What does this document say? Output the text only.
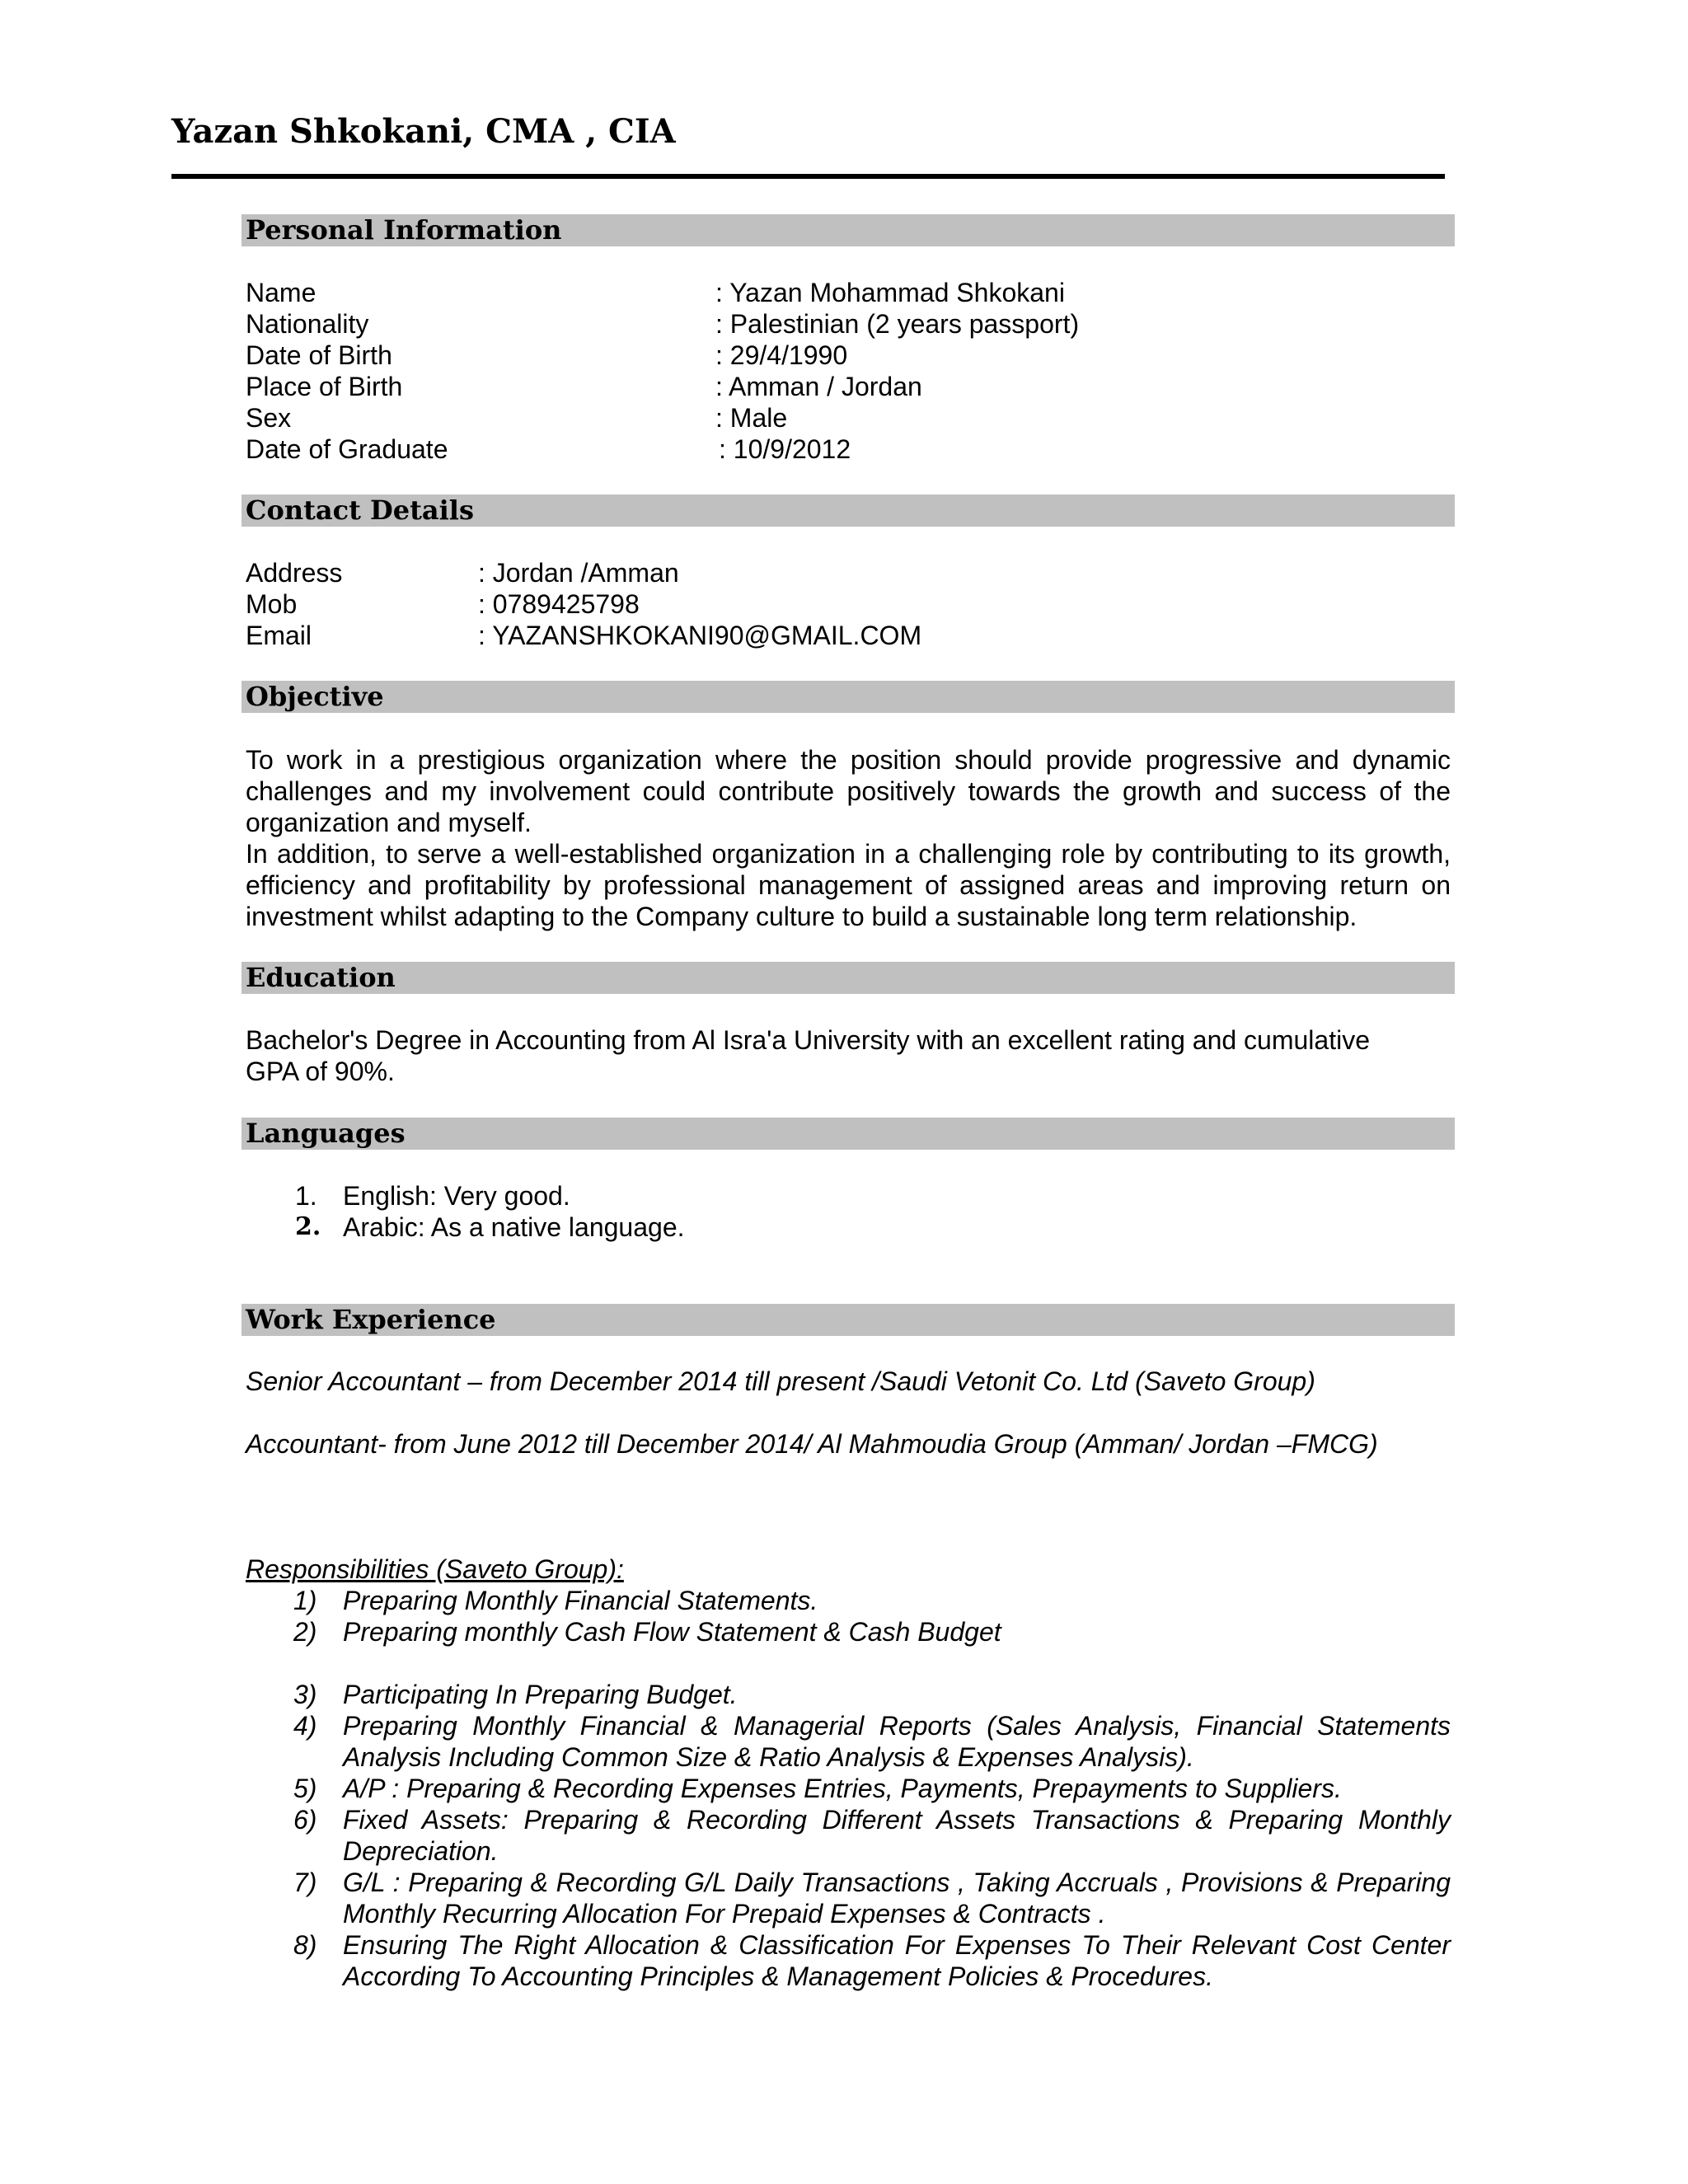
Yazan Shkokani, CMA , CIA
Personal Information
Name	: Yazan Mohammad Shkokani
Nationality	: Palestinian (2 years passport)
Date of Birth	: 29/4/1990
Place of Birth	: Amman / Jordan
Sex	: Male
Date of Graduate	: 10/9/2012
Contact Details
Address	: Jordan /Amman
Mob	: 0789425798
Email	: YAZANSHKOKANI90@GMAIL.COM
Objective

To work in a prestigious organization where the position should provide progressive and dynamic challenges and my involvement could contribute positively towards the growth and success of the organization and myself.

In addition, to serve a well-established organization in a challenging role by contributing to its growth, efficiency and profitability by professional management of assigned areas and improving return on investment whilst adapting to the Company culture to build a sustainable long term relationship.

Education

Bachelor's Degree in Accounting from Al Isra'a University with an excellent rating and cumulative GPA of 90%.

Languages
1. English: Very good.
2. Arabic: As a native language.
Work Experience
Senior Accountant – from December 2014 till present /Saudi Vetonit Co. Ltd (Saveto Group)
Accountant- from June 2012 till December 2014/ Al Mahmoudia Group (Amman/ Jordan –FMCG)
Responsibilities (Saveto Group):
1) Preparing Monthly Financial Statements.
2) Preparing monthly Cash Flow Statement & Cash Budget
3) Participating In Preparing Budget.
4) Preparing Monthly Financial & Managerial Reports (Sales Analysis, Financial Statements Analysis Including Common Size & Ratio Analysis & Expenses Analysis).
5) A/P : Preparing & Recording Expenses Entries, Payments, Prepayments to Suppliers.
6) Fixed Assets: Preparing & Recording Different Assets Transactions & Preparing Monthly Depreciation.
7) G/L : Preparing & Recording G/L Daily Transactions , Taking Accruals , Provisions & Preparing Monthly Recurring Allocation For Prepaid Expenses & Contracts .
8) Ensuring The Right Allocation & Classification For Expenses To Their Relevant Cost Center According To Accounting Principles & Management Policies & Procedures.
